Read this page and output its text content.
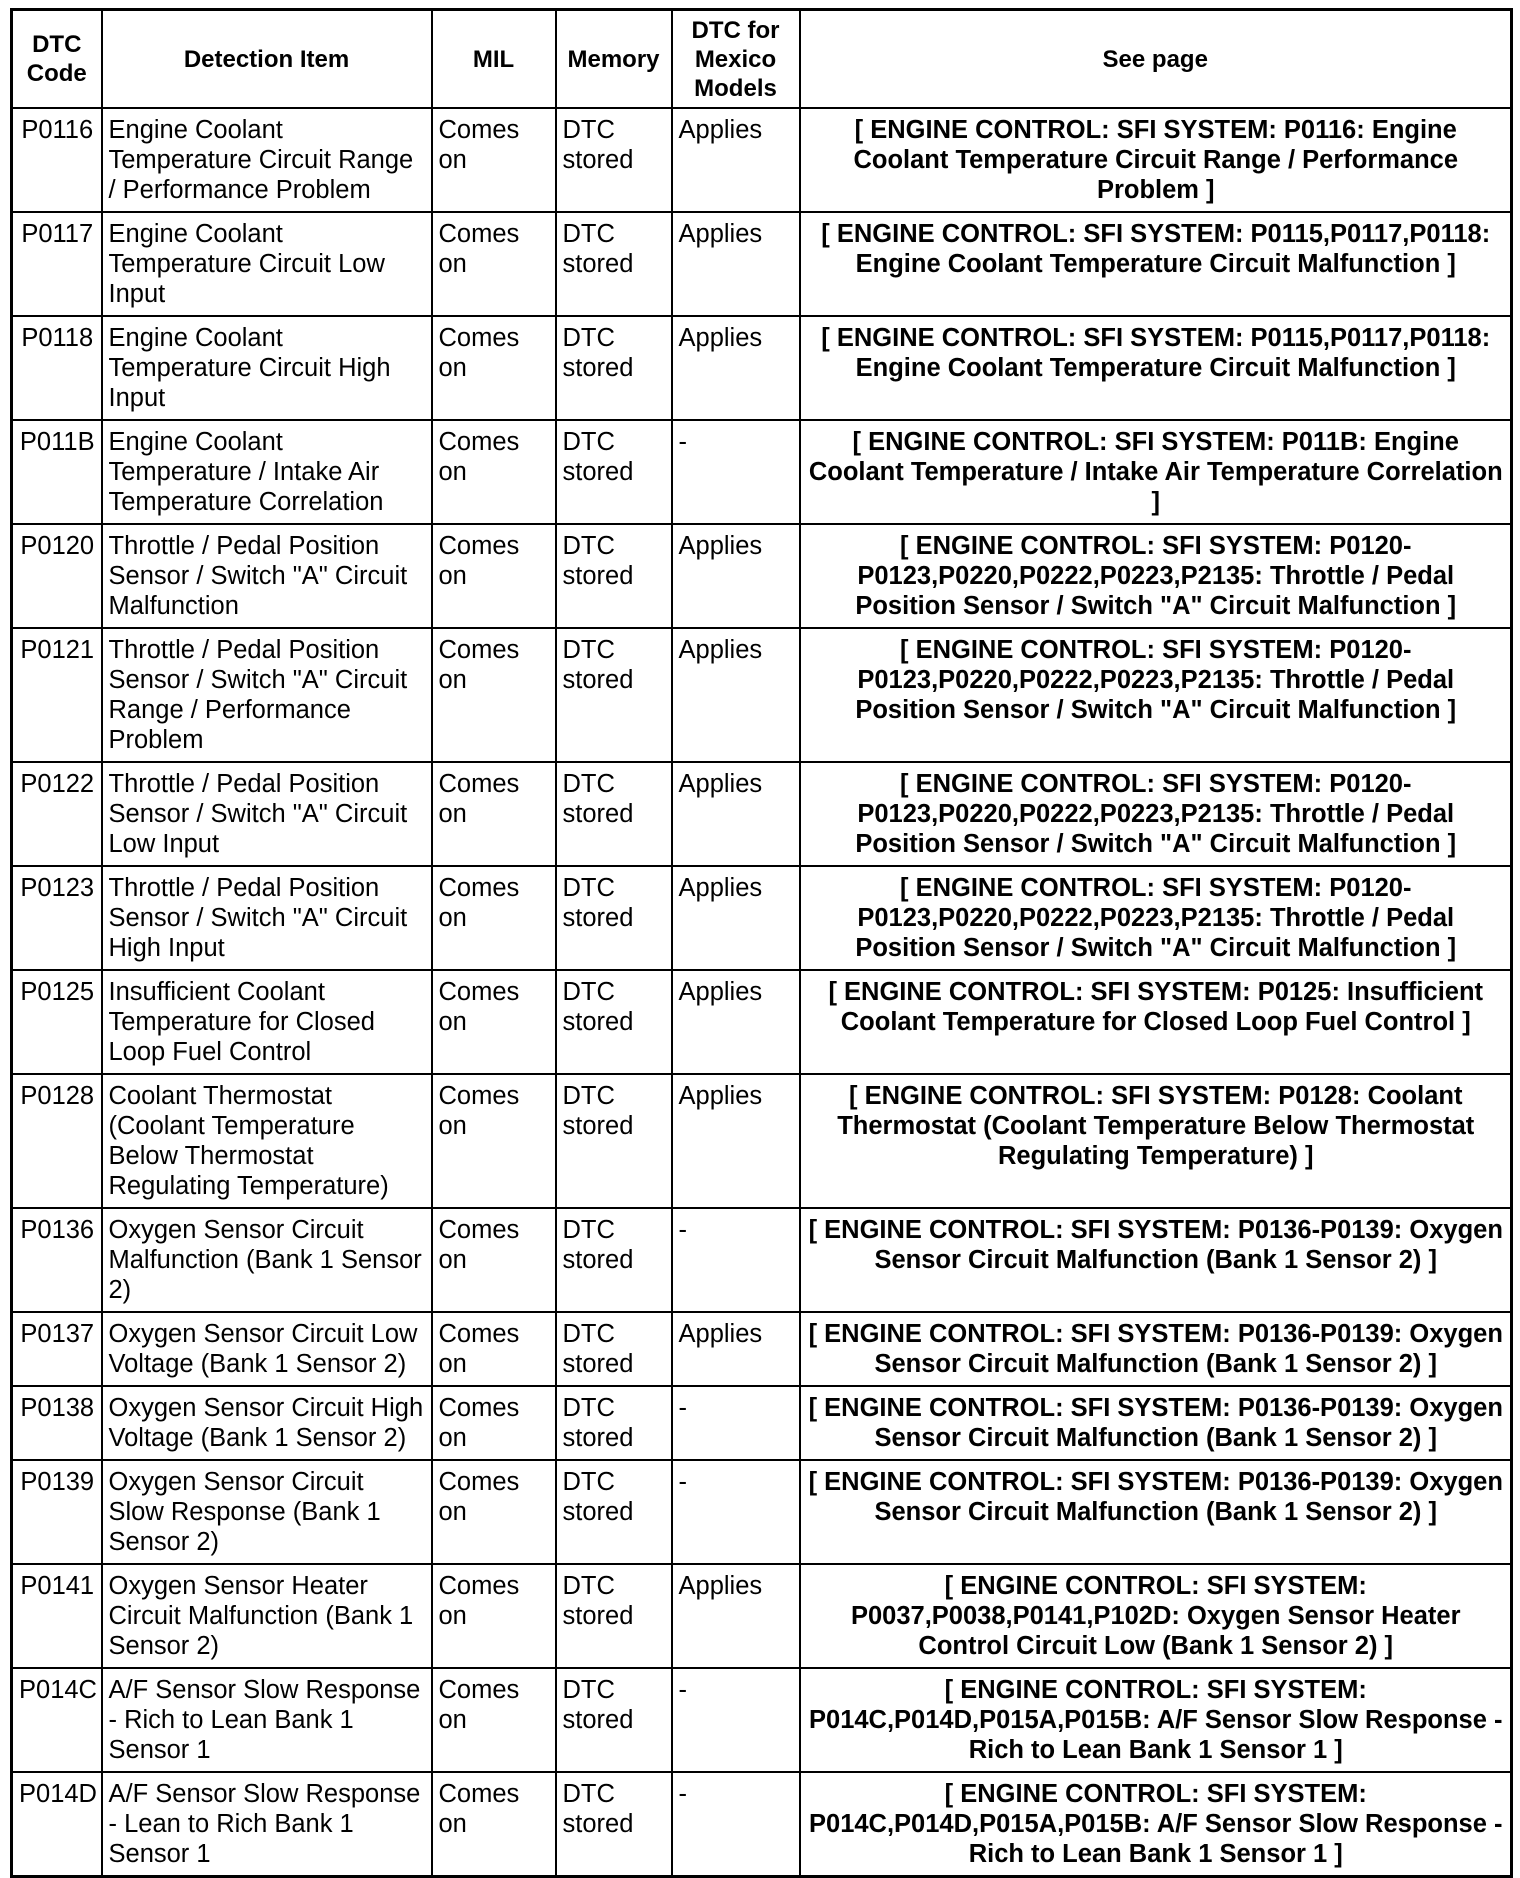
DTC Code	Detection Item	MIL	Memory	DTC for Mexico Models	See page
P0116	Engine Coolant Temperature Circuit Range / Performance Problem	Comes on	DTC stored	Applies	[ ENGINE CONTROL: SFI SYSTEM: P0116: Engine Coolant Temperature Circuit Range / Performance Problem ]
P0117	Engine Coolant Temperature Circuit Low Input	Comes on	DTC stored	Applies	[ ENGINE CONTROL: SFI SYSTEM: P0115,P0117,P0118: Engine Coolant Temperature Circuit Malfunction ]
P0118	Engine Coolant Temperature Circuit High Input	Comes on	DTC stored	Applies	[ ENGINE CONTROL: SFI SYSTEM: P0115,P0117,P0118: Engine Coolant Temperature Circuit Malfunction ]
P011B	Engine Coolant Temperature / Intake Air Temperature Correlation	Comes on	DTC stored	-	[ ENGINE CONTROL: SFI SYSTEM: P011B: Engine Coolant Temperature / Intake Air Temperature Correlation ]
P0120	Throttle / Pedal Position Sensor / Switch "A" Circuit Malfunction	Comes on	DTC stored	Applies	[ ENGINE CONTROL: SFI SYSTEM: P0120-P0123,P0220,P0222,P0223,P2135: Throttle / Pedal Position Sensor / Switch "A" Circuit Malfunction ]
P0121	Throttle / Pedal Position Sensor / Switch "A" Circuit Range / Performance Problem	Comes on	DTC stored	Applies	[ ENGINE CONTROL: SFI SYSTEM: P0120-P0123,P0220,P0222,P0223,P2135: Throttle / Pedal Position Sensor / Switch "A" Circuit Malfunction ]
P0122	Throttle / Pedal Position Sensor / Switch "A" Circuit Low Input	Comes on	DTC stored	Applies	[ ENGINE CONTROL: SFI SYSTEM: P0120-P0123,P0220,P0222,P0223,P2135: Throttle / Pedal Position Sensor / Switch "A" Circuit Malfunction ]
P0123	Throttle / Pedal Position Sensor / Switch "A" Circuit High Input	Comes on	DTC stored	Applies	[ ENGINE CONTROL: SFI SYSTEM: P0120-P0123,P0220,P0222,P0223,P2135: Throttle / Pedal Position Sensor / Switch "A" Circuit Malfunction ]
P0125	Insufficient Coolant Temperature for Closed Loop Fuel Control	Comes on	DTC stored	Applies	[ ENGINE CONTROL: SFI SYSTEM: P0125: Insufficient Coolant Temperature for Closed Loop Fuel Control ]
P0128	Coolant Thermostat (Coolant Temperature Below Thermostat Regulating Temperature)	Comes on	DTC stored	Applies	[ ENGINE CONTROL: SFI SYSTEM: P0128: Coolant Thermostat (Coolant Temperature Below Thermostat Regulating Temperature) ]
P0136	Oxygen Sensor Circuit Malfunction (Bank 1 Sensor 2)	Comes on	DTC stored	-	[ ENGINE CONTROL: SFI SYSTEM: P0136-P0139: Oxygen Sensor Circuit Malfunction (Bank 1 Sensor 2) ]
P0137	Oxygen Sensor Circuit Low Voltage (Bank 1 Sensor 2)	Comes on	DTC stored	Applies	[ ENGINE CONTROL: SFI SYSTEM: P0136-P0139: Oxygen Sensor Circuit Malfunction (Bank 1 Sensor 2) ]
P0138	Oxygen Sensor Circuit High Voltage (Bank 1 Sensor 2)	Comes on	DTC stored	-	[ ENGINE CONTROL: SFI SYSTEM: P0136-P0139: Oxygen Sensor Circuit Malfunction (Bank 1 Sensor 2) ]
P0139	Oxygen Sensor Circuit Slow Response (Bank 1 Sensor 2)	Comes on	DTC stored	-	[ ENGINE CONTROL: SFI SYSTEM: P0136-P0139: Oxygen Sensor Circuit Malfunction (Bank 1 Sensor 2) ]
P0141	Oxygen Sensor Heater Circuit Malfunction (Bank 1 Sensor 2)	Comes on	DTC stored	Applies	[ ENGINE CONTROL: SFI SYSTEM: P0037,P0038,P0141,P102D: Oxygen Sensor Heater Control Circuit Low (Bank 1 Sensor 2) ]
P014C	A/F Sensor Slow Response - Rich to Lean Bank 1 Sensor 1	Comes on	DTC stored	-	[ ENGINE CONTROL: SFI SYSTEM: P014C,P014D,P015A,P015B: A/F Sensor Slow Response - Rich to Lean Bank 1 Sensor 1 ]
P014D	A/F Sensor Slow Response - Lean to Rich Bank 1 Sensor 1	Comes on	DTC stored	-	[ ENGINE CONTROL: SFI SYSTEM: P014C,P014D,P015A,P015B: A/F Sensor Slow Response - Rich to Lean Bank 1 Sensor 1 ]
